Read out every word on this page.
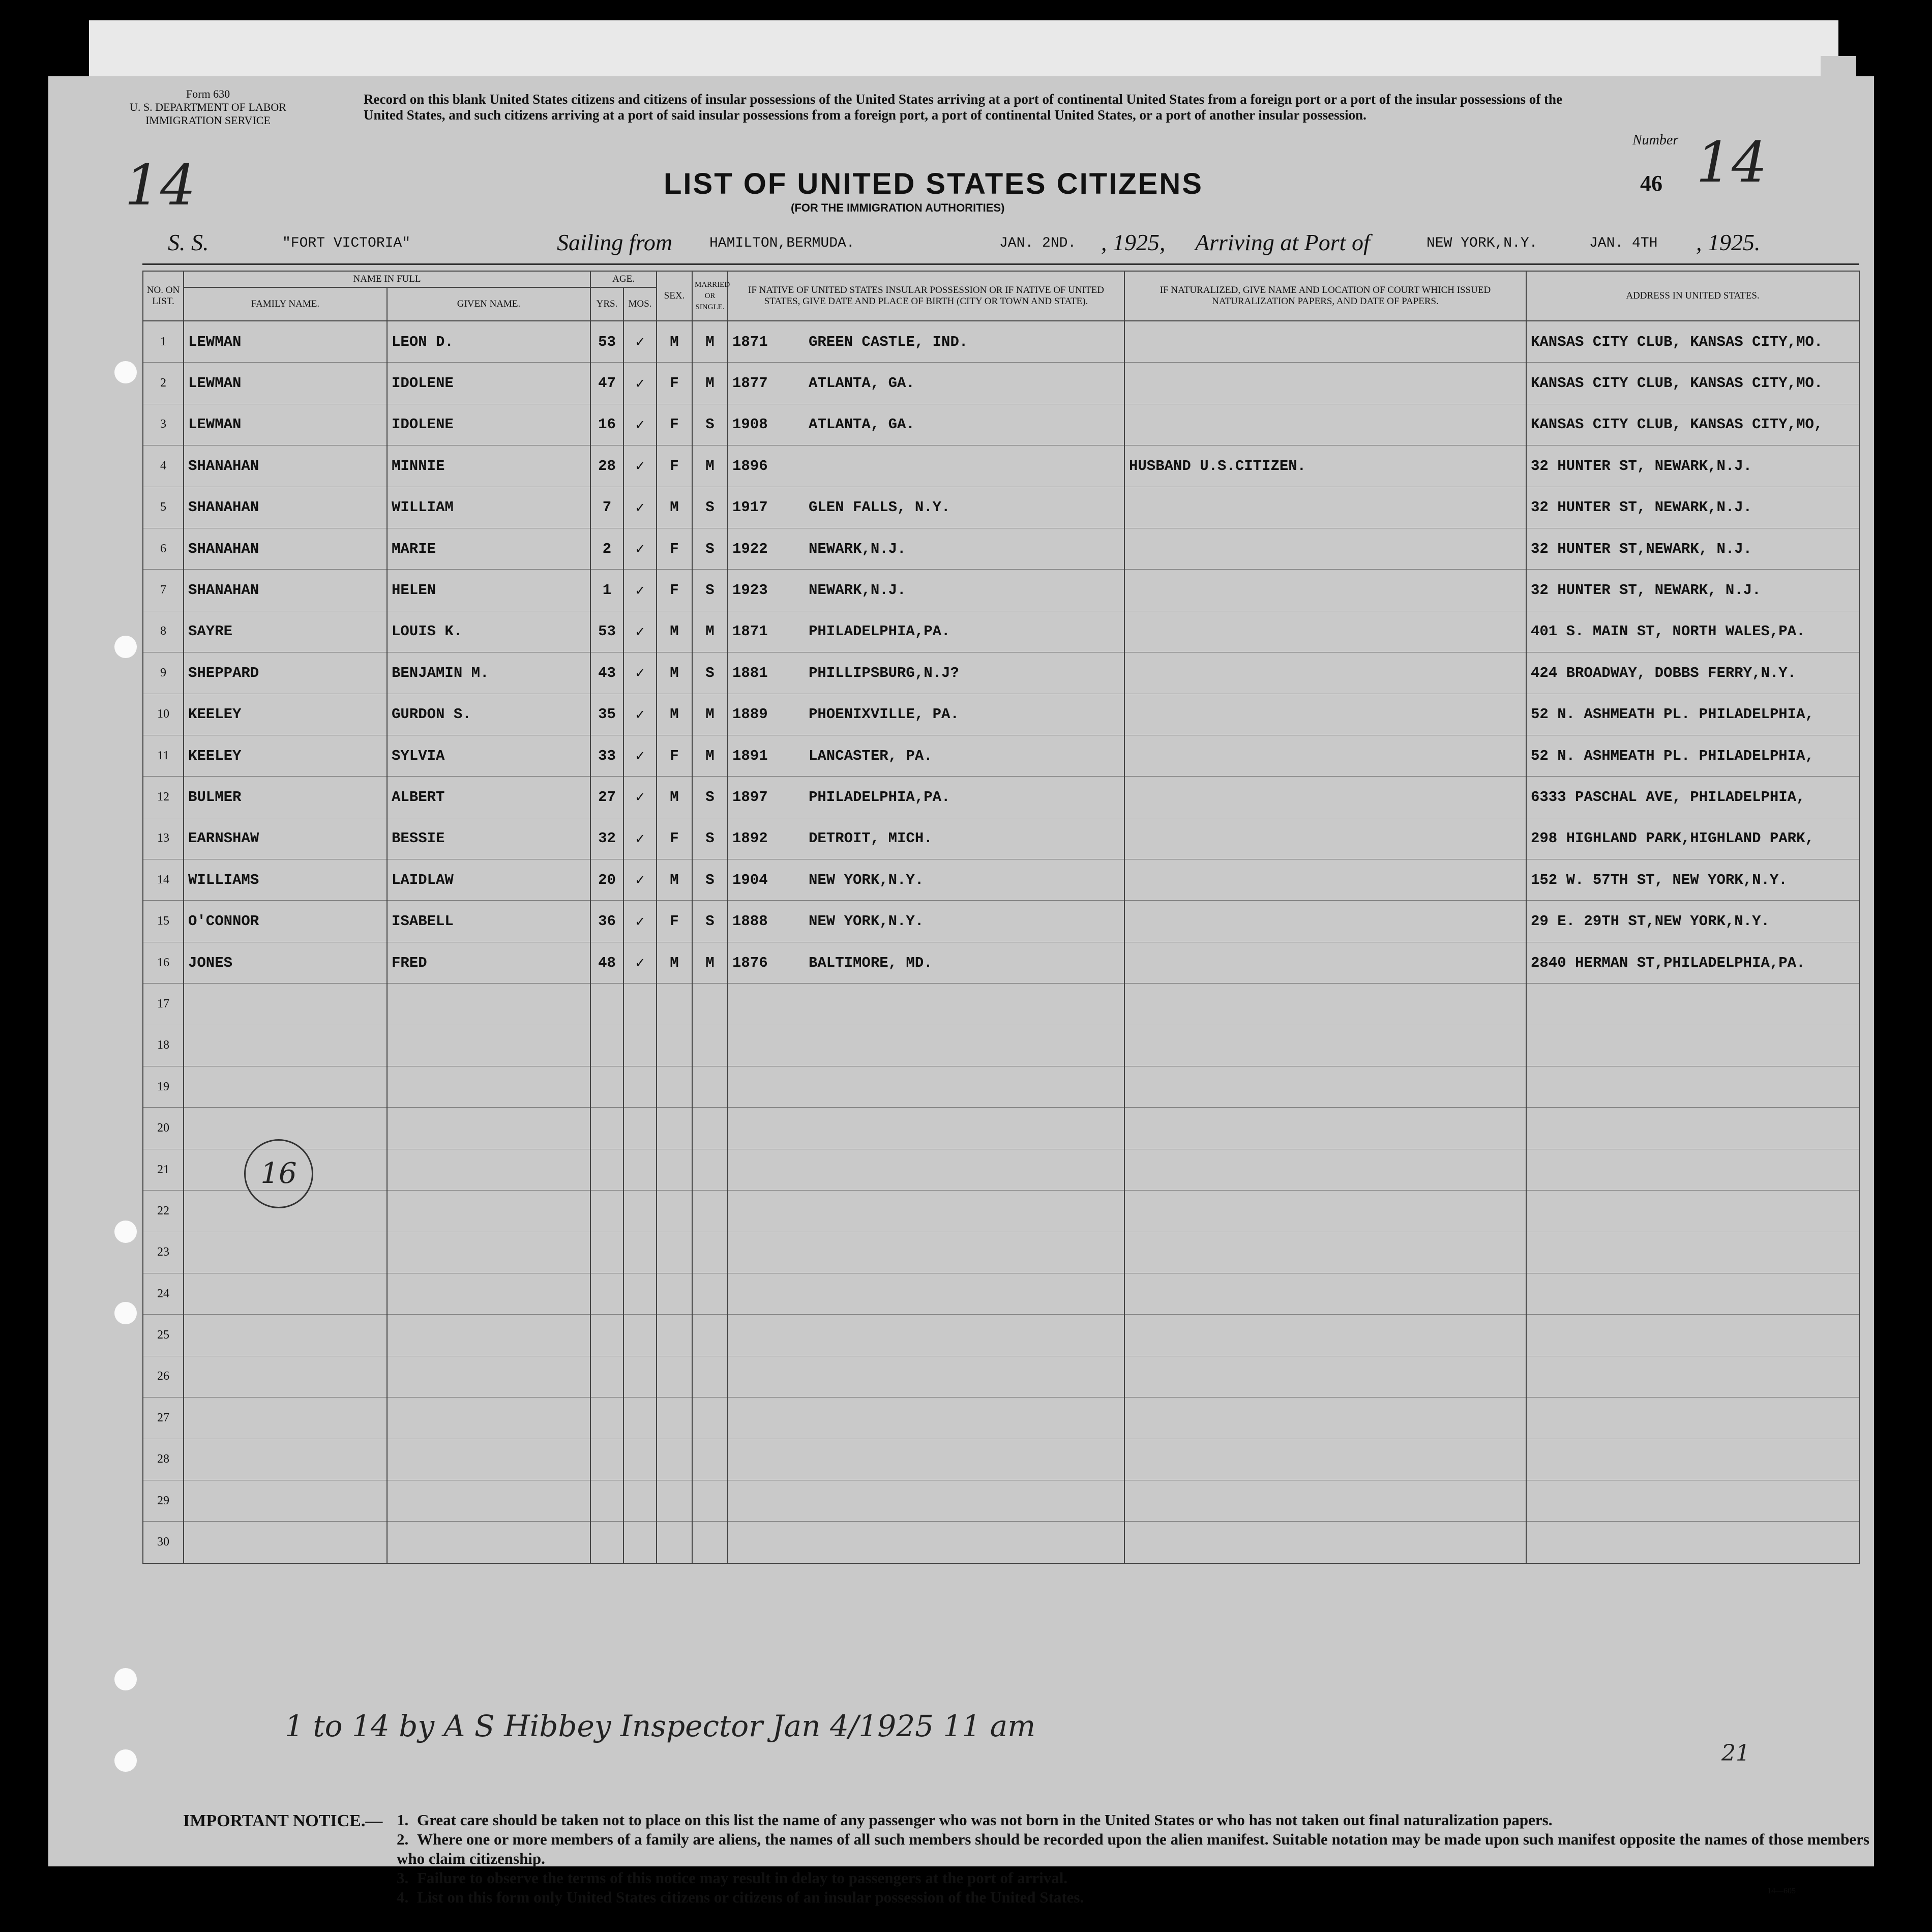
Form 630
U. S. DEPARTMENT OF LABOR
IMMIGRATION SERVICE
Record on this blank United States citizens and citizens of insular possessions of the United States arriving at a port of continental United States from a foreign port or a port of the insular possessions of the United States, and such citizens arriving at a port of said insular possessions from a foreign port, a port of continental United States, or a port of another insular possession.
14	LIST OF UNITED STATES CITIZENS
(FOR THE IMMIGRATION AUTHORITIES)
Number 14
46
S. S.	"FORT VICTORIA"	Sailing from	HAMILTON,BERMUDA.	JAN. 2ND. , 1925, Arriving at Port of	NEW YORK,N.Y.	JAN. 4TH , 1925.
NO. ON LIST.	NAME IN FULL		AGE.		SEX.	MARRIED OR SINGLE.	IF NATIVE OF UNITED STATES INSULAR POSSESSION OR IF NATIVE OF UNITED STATES, GIVE DATE AND PLACE OF BIRTH (CITY OR TOWN AND STATE).	IF NATURALIZED, GIVE NAME AND LOCATION OF COURT WHICH ISSUED NATURALIZATION PAPERS, AND DATE OF PAPERS.	ADDRESS IN UNITED STATES.
	FAMILY NAME.	GIVEN NAME.	YRS.	MOS.					
1	LEWMAN	LEON D.	53	✓	M	M	1871 GREEN CASTLE, IND.		KANSAS CITY CLUB, KANSAS CITY,MO.
2	LEWMAN	IDOLENE	47	✓	F	M	1877 ATLANTA, GA.		KANSAS CITY CLUB, KANSAS CITY,MO.
3	LEWMAN	IDOLENE	16	✓	F	S	1908 ATLANTA, GA.		KANSAS CITY CLUB, KANSAS CITY,MO,
4	SHANAHAN	MINNIE	28	✓	F	M	1896	HUSBAND U.S.CITIZEN.	32 HUNTER ST, NEWARK,N.J.
5	SHANAHAN	WILLIAM	7	✓	M	S	1917 GLEN FALLS, N.Y.		32 HUNTER ST, NEWARK,N.J.
6	SHANAHAN	MARIE	2	✓	F	S	1922 NEWARK,N.J.		32 HUNTER ST,NEWARK, N.J.
7	SHANAHAN	HELEN	1	✓	F	S	1923 NEWARK,N.J.		32 HUNTER ST, NEWARK, N.J.
8	SAYRE	LOUIS K.	53	✓	M	M	1871 PHILADELPHIA,PA.		401 S. MAIN ST, NORTH WALES,PA.
9	SHEPPARD	BENJAMIN M.	43	✓	M	S	1881 PHILLIPSBURG,N.J?		424 BROADWAY, DOBBS FERRY,N.Y.
10	KEELEY	GURDON S.	35	✓	M	M	1889 PHOENIXVILLE, PA.		52 N. ASHMEATH PL. PHILADELPHIA,
11	KEELEY	SYLVIA	33	✓	F	M	1891 LANCASTER, PA.		52 N. ASHMEATH PL. PHILADELPHIA,
12	BULMER	ALBERT	27	✓	M	S	1897 PHILADELPHIA,PA.		6333 PASCHAL AVE, PHILADELPHIA,
13	EARNSHAW	BESSIE	32	✓	F	S	1892 DETROIT, MICH.		298 HIGHLAND PARK,HIGHLAND PARK,
14	WILLIAMS	LAIDLAW	20	✓	M	S	1904 NEW YORK,N.Y.		152 W. 57TH ST, NEW YORK,N.Y.
15	O'CONNOR	ISABELL	36	✓	F	S	1888 NEW YORK,N.Y.		29 E. 29TH ST,NEW YORK,N.Y.
16	JONES	FRED	48	✓	M	M	1876 BALTIMORE, MD.		2840 HERMAN ST,PHILADELPHIA,PA.
17									
18									
19									
20									
21									
22									
23									
24									
25									
26									
27									
28									
29									
30									
16
1 to 14 by A S Hibbey Inspector Jan 4/1925 11 am
21
IMPORTANT NOTICE.— 1. Great care should be taken not to place on this list the name of any passenger who was not born in the United States or who has not taken out final naturalization papers.
2. Where one or more members of a family are aliens, the names of all such members should be recorded upon the alien manifest. Suitable notation may be made upon such manifest opposite the names of those members who claim citizenship.
3. Failure to observe the terms of this notice may result in delay to passengers at the port of arrival.
4. List on this form only United States citizens or citizens of an insular possession of the United States.	14—605
